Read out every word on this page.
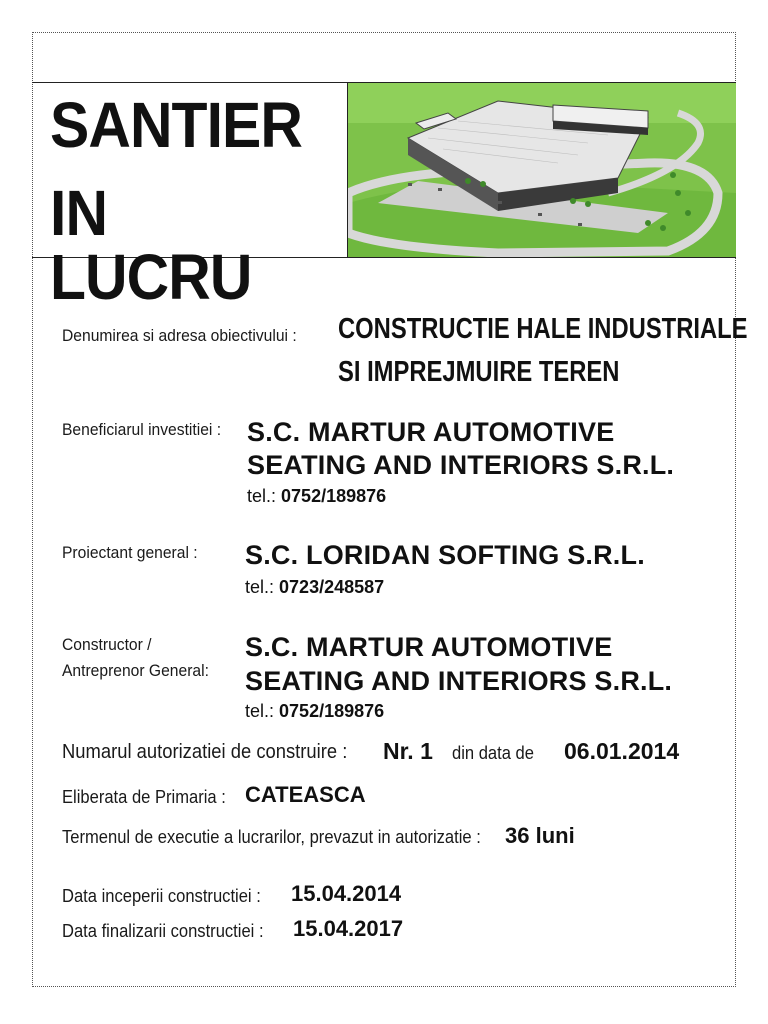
SANTIER
IN LUCRU
Denumirea si adresa obiectivului : CONSTRUCTIE HALE INDUSTRIALE
SI IMPREJMUIRE TEREN
Beneficiarul investitiei : S.C. MARTUR AUTOMOTIVE
SEATING AND INTERIORS S.R.L.
tel.: 0752/189876
Proiectant general : S.C. LORIDAN SOFTING S.R.L.
tel.: 0723/248587
Constructor /
Antreprenor General:
S.C. MARTUR AUTOMOTIVE
SEATING AND INTERIORS S.R.L.
tel.: 0752/189876
Numarul autorizatiei de construire : Nr. 1 din data de 06.01.2014
Eliberata de Primaria : CATEASCA
Termenul de executie a lucrarilor, prevazut in autorizatie : 36 luni
Data inceperii constructiei : 15.04.2014
Data finalizarii constructiei : 15.04.2017
